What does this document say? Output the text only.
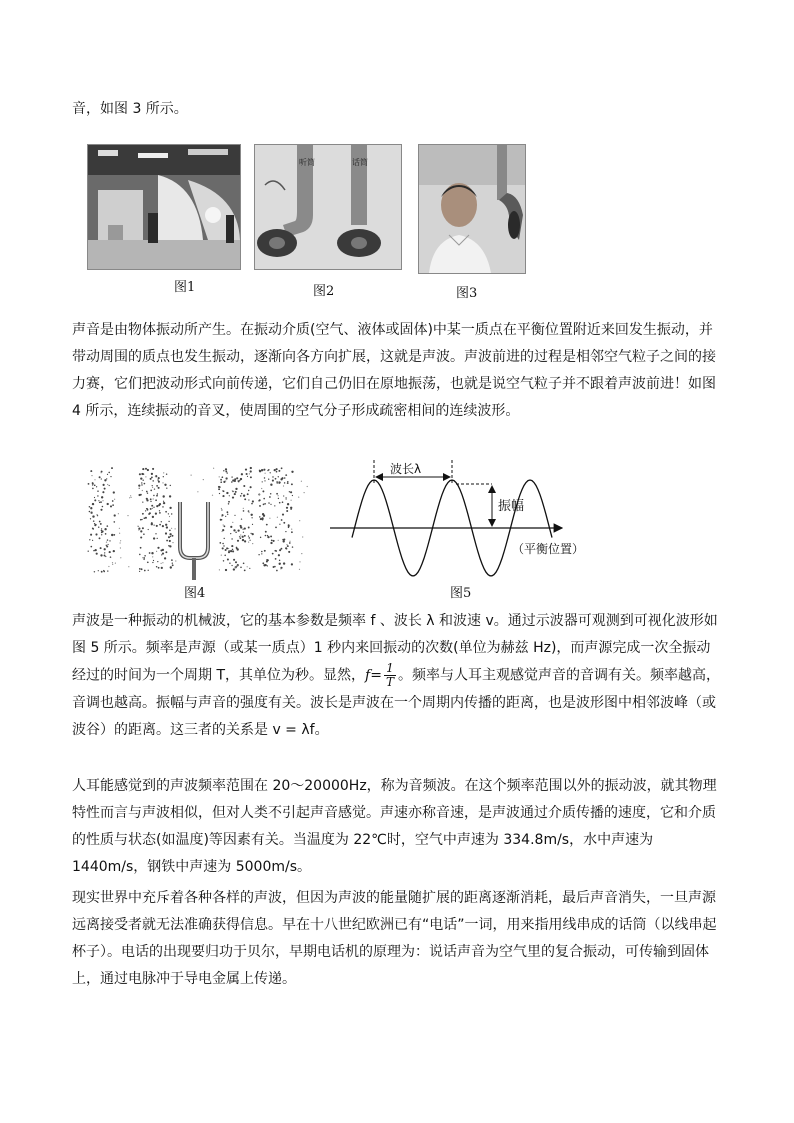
音，如图 3 所示。

图1
听筒	话筒
图2	图3

声音是由物体振动所产生。在振动介质(空气、液体或固体)中某一质点在平衡位置附近来回发生振动，并带动周围的质点也发生振动，逐渐向各方向扩展，这就是声波。声波前进的过程是相邻空气粒子之间的接力赛，它们把波动形式向前传递，它们自己仍旧在原地振荡，也就是说空气粒子并不跟着声波前进！如图 4 所示，连续振动的音叉，使周围的空气分子形成疏密相间的连续波形。

图4
波长λ
振幅
（平衡位置）
图5

声波是一种振动的机械波，它的基本参数是频率 f 、波长 λ 和波速 v。通过示波器可观测到可视化波形如图 5 所示。频率是声源（或某一质点）1 秒内来回振动的次数(单位为赫兹 Hz)，而声源完成一次全振动经过的时间为一个周期 T，其单位为秒。显然，$f= \frac{1}{T}$ 。频率与人耳主观感觉声音的音调有关。频率越高，音调也越高。振幅与声音的强度有关。波长是声波在一个周期内传播的距离，也是波形图中相邻波峰（或波谷）的距离。这三者的关系是 v = λf。

人耳能感觉到的声波频率范围在 20～20000Hz，称为音频波。在这个频率范围以外的振动波，就其物理特性而言与声波相似，但对人类不引起声音感觉。声速亦称音速，是声波通过介质传播的速度，它和介质的性质与状态(如温度)等因素有关。当温度为 22℃时，空气中声速为 334.8m/s，水中声速为 1440m/s，钢铁中声速为 5000m/s。

现实世界中充斥着各种各样的声波，但因为声波的能量随扩展的距离逐渐消耗，最后声音消失，一旦声源远离接受者就无法准确获得信息。早在十八世纪欧洲已有“电话”一词，用来指用线串成的话筒（以线串起杯子）。电话的出现要归功于贝尔，早期电话机的原理为：说话声音为空气里的复合振动，可传输到固体上，通过电脉冲于导电金属上传递。
